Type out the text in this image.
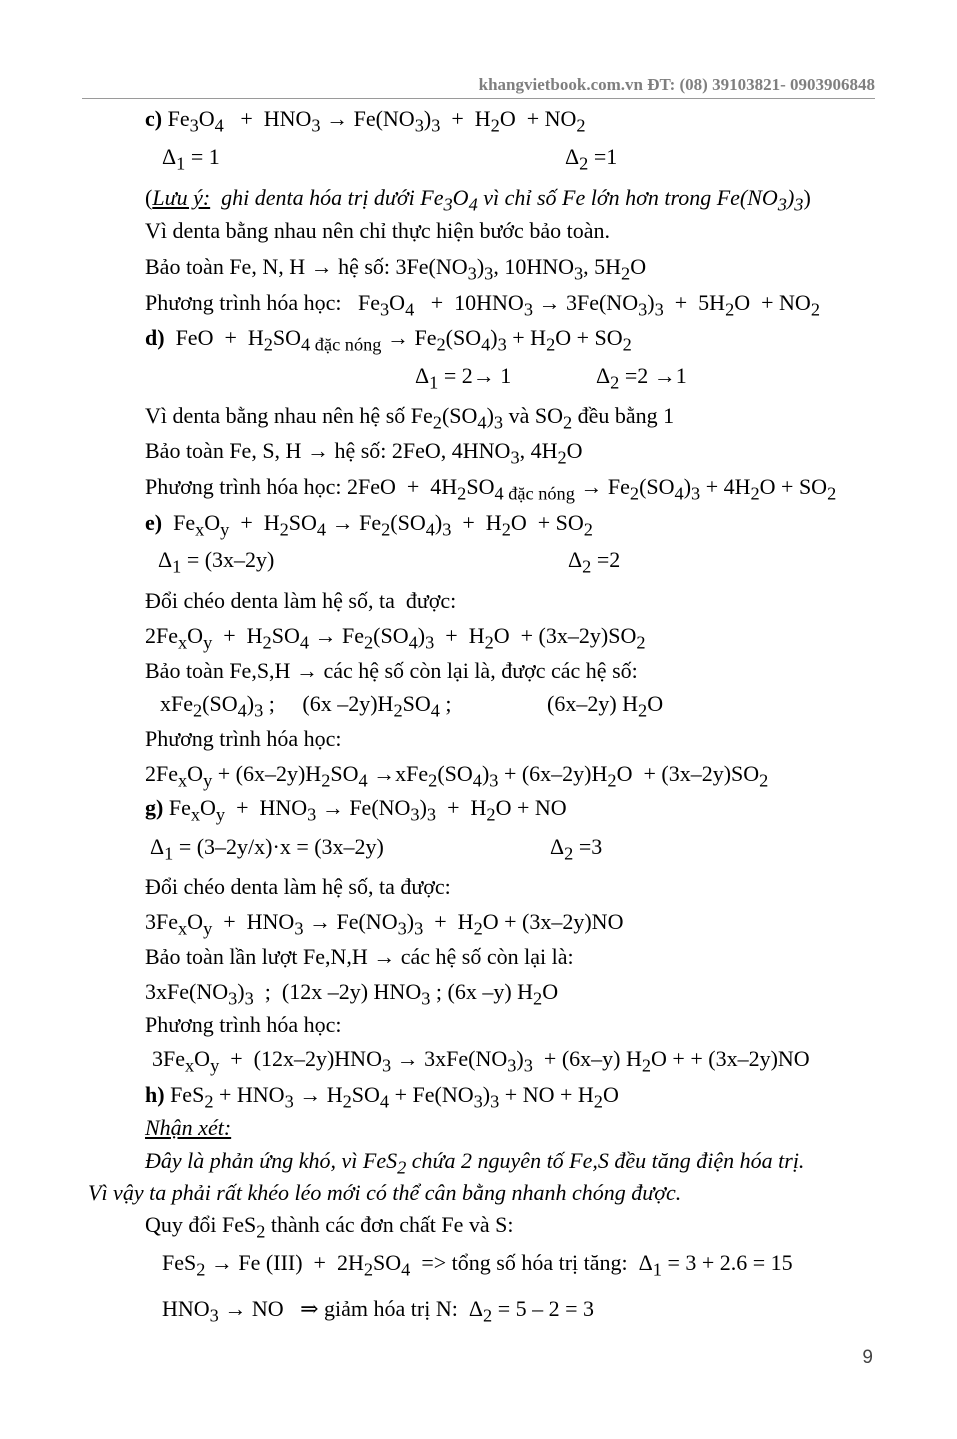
khangvietbook.com.vn ĐT: (08) 39103821- 0903906848
c) $Fe_3O_4 + HNO_3 \to Fe(NO_3)_3 + H_2O + NO_2$
$\Delta_1 = 1$	$\Delta_2 =1$
(Lưu ý: ghi denta hóa trị dưới $Fe_3O_4$ vì chỉ số Fe lớn hơn trong $Fe(NO_3)_3$)
Vì denta bằng nhau nên chỉ thực hiện bước bảo toàn.
Bảo toàn Fe, N, H → hệ số: $3Fe(NO_3)_3$, $10HNO_3$, $5H_2O$
Phương trình hóa học:   $Fe_3O_4 + 10HNO_3 \to 3Fe(NO_3)_3 + 5H_2O + NO_2$
d)  FeO  +  $H_2SO_{4 đặc nóng} \to Fe_2(SO_4)_3 + H_2O + SO_2$
$\Delta_1 = 2\to 1$	$\Delta_2 =2 \to 1$
Vì denta bằng nhau nên hệ số $Fe_2(SO_4)_3$ và $SO_2$ đều bằng 1
Bảo toàn Fe, S, H → hệ số: 2FeO, $4HNO_3$, $4H_2O$
Phương trình hóa học: $2FeO + 4H_2SO_{4 đặc nóng} \to Fe_2(SO_4)_3 + 4H_2O + SO_2$
e)  $Fe_xO_y + H_2SO_4 \to Fe_2(SO_4)_3 + H_2O + SO_2$
$\Delta_1 = (3x-2y)$	$\Delta_2 =2$
Đổi chéo denta làm hệ số, ta  được:
$2Fe_xO_y + H_2SO_4 \to Fe_2(SO_4)_3 + H_2O + (3x-2y)SO_2$
Bảo toàn Fe,S,H → các hệ số còn lại là, được các hệ số:
$xFe_2(SO_4)_3$ ;     (6x $-2y)H_2SO_4$ ;	(6x–2y) $H_2O$
Phương trình hóa học:
$2Fe_xO_y + (6x-2y)H_2SO_4 \to xFe_2(SO_4)_3 + (6x-2y)H_2O + (3x-2y)SO_2$
g) $Fe_xO_y + HNO_3 \to Fe(NO_3)_3 + H_2O$ + NO
$\Delta_1 = (3-2y/x)\cdot x = (3x-2y)$	$\Delta_2 =3$
Đổi chéo denta làm hệ số, ta được:
$3Fe_xO_y + HNO_3 \to Fe(NO_3)_3 + H_2O + (3x-2y)NO$
Bảo toàn lần lượt Fe,N,H → các hệ số còn lại là:
$3xFe(NO_3)_3$  ;  (12x –2y) $HNO_3$ ; (6x –y) $H_2O$
Phương trình hóa học:
$3Fe_xO_y + (12x-2y)HNO_3 \to 3xFe(NO_3)_3 + (6x-y) H_2O$ + + (3x–2y)NO
h) $FeS_2 + HNO_3 \to H_2SO_4 + Fe(NO_3)_3$ + NO + $H_2O$
Nhận xét:
Đây là phản ứng khó, vì FeS$_2$ chứa 2 nguyên tố Fe,S đều tăng điện hóa trị.
Vì vậy ta phải rất khéo léo mới có thể cân bằng nhanh chóng được.
Quy đổi FeS$_2$ thành các đơn chất Fe và S:
FeS$_2$ → Fe $(III) + 2H_2SO_4$  => tổng số hóa trị tăng:  $\Delta_1 = 3 + 2.6 = 15$
$HNO_3$ → NO   ⇒ giảm hóa trị N:  $\Delta_2 = 5 - 2 = 3$
9
